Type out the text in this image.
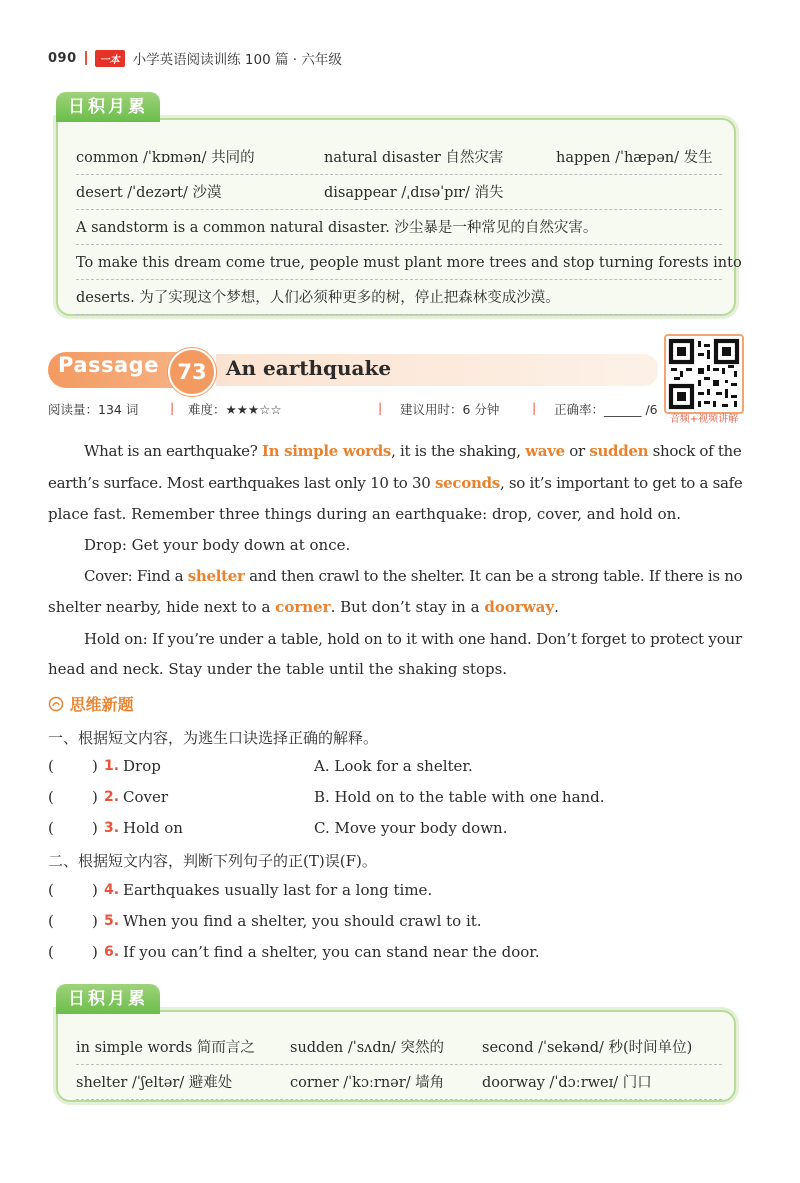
090	一本 小学英语阅读训练 100 篇 · 六年级
日积月累
common /ˈkɒmən/ 共同的	natural disaster 自然灾害	happen /ˈhæpən/ 发生
desert /ˈdezərt/ 沙漠	disappear /ˌdɪsəˈpɪr/ 消失
A sandstorm is a common natural disaster. 沙尘暴是一种常见的自然灾害。
To make this dream come true, people must plant more trees and stop turning forests into
deserts. 为了实现这个梦想，人们必须种更多的树，停止把森林变成沙漠。
Passage 73 An earthquake
音频+视频讲解
阅读量：134 词	| 难度：★★★☆☆	| 建议用时：6 分钟	| 正确率：______ /6
What is an earthquake? In simple words, it is the shaking, wave or sudden shock of the
earth’s surface. Most earthquakes last only 10 to 30 seconds, so it’s important to get to a safe
place fast. Remember three things during an earthquake: drop, cover, and hold on.
Drop: Get your body down at once.
Cover: Find a shelter and then crawl to the shelter. It can be a strong table. If there is no
shelter nearby, hide next to a corner. But don’t stay in a doorway.
Hold on: If you’re under a table, hold on to it with one hand. Don’t forget to protect your
head and neck. Stay under the table until the shaking stops.
思维新题
一、根据短文内容，为逃生口诀选择正确的解释。
(	) 1. Drop	A. Look for a shelter.
(	) 2. Cover	B. Hold on to the table with one hand.
(	) 3. Hold on	C. Move your body down.
二、根据短文内容，判断下列句子的正(T)误(F)。
(	) 4. Earthquakes usually last for a long time.
(	) 5. When you find a shelter, you should crawl to it.
(	) 6. If you can’t find a shelter, you can stand near the door.
日积月累
in simple words 简而言之 sudden /ˈsʌdn/ 突然的	second /ˈsekənd/ 秒(时间单位)
shelter /ˈʃeltər/ 避难处	corner /ˈkɔːrnər/ 墙角	doorway /ˈdɔːrweɪ/ 门口
